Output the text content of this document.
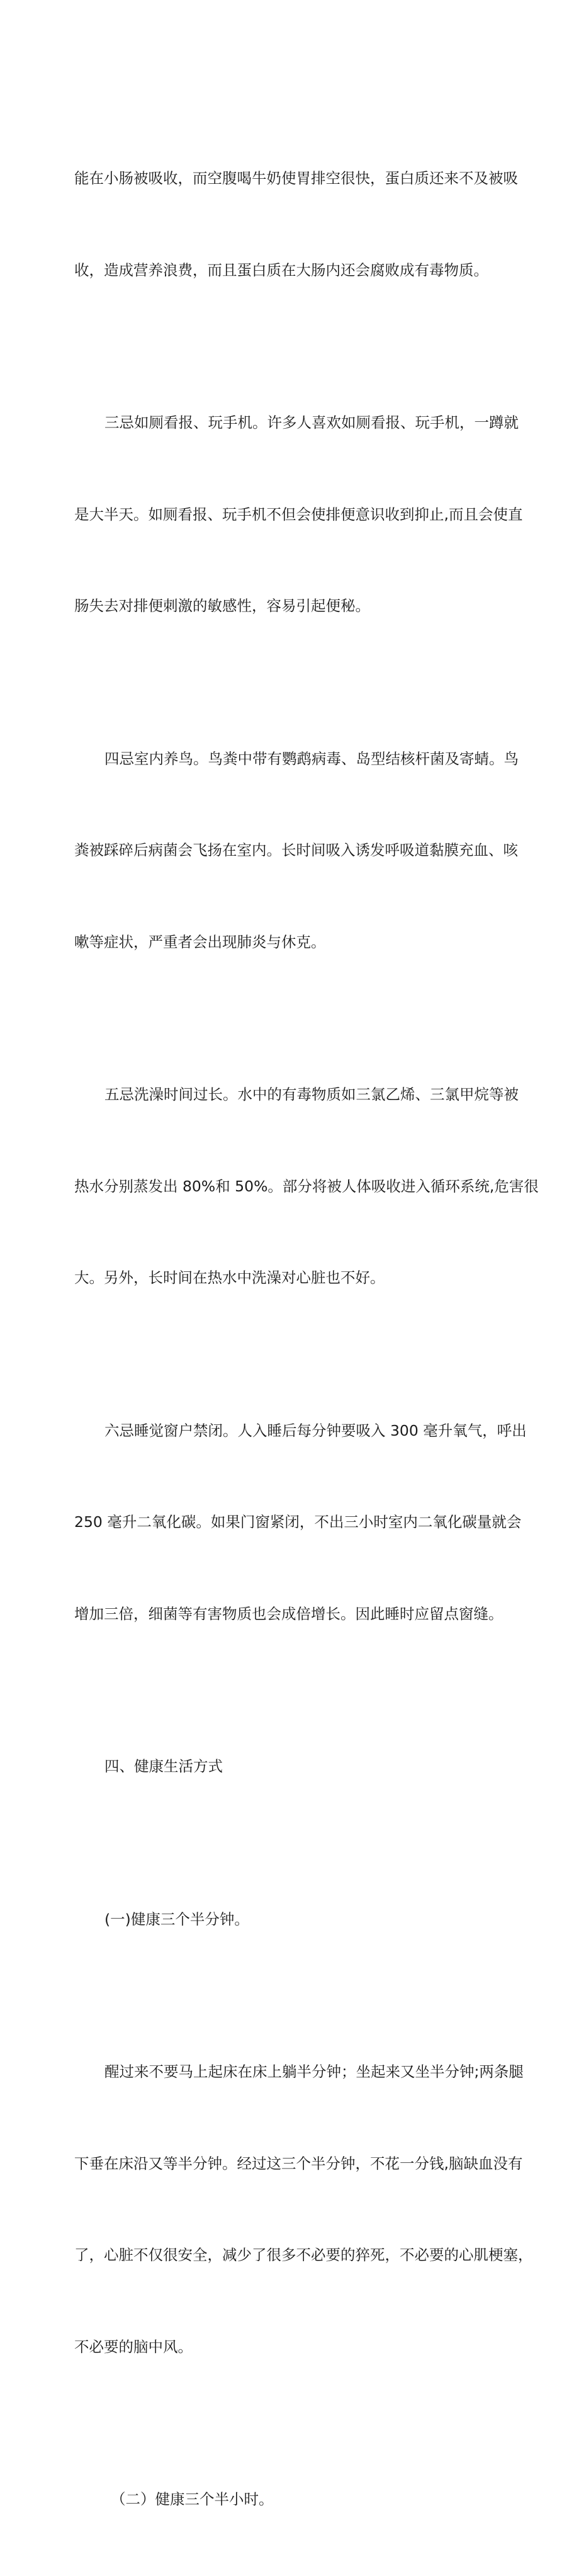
能在小肠被吸收，而空腹喝牛奶使胃排空很快，蛋白质还来不及被吸

收，造成营养浪费，而且蛋白质在大肠内还会腐败成有毒物质。

三忌如厕看报、玩手机。许多人喜欢如厕看报、玩手机，一蹲就

是大半天。如厕看报、玩手机不但会使排便意识收到抑止,而且会使直

肠失去对排便刺激的敏感性，容易引起便秘。

四忌室内养鸟。鸟粪中带有鹦鹉病毒、岛型结核杆菌及寄蜻。鸟

粪被踩碎后病菌会飞扬在室内。长时间吸入诱发呼吸道黏膜充血、咳

嗽等症状，严重者会出现肺炎与休克。

五忌洗澡时间过长。水中的有毒物质如三氯乙烯、三氯甲烷等被

热水分别蒸发出 80%和 50%。部分将被人体吸收进入循环系统,危害很

大。另外，长时间在热水中洗澡对心脏也不好。

六忌睡觉窗户禁闭。人入睡后每分钟要吸入 300 毫升氧气，呼出

250 毫升二氧化碳。如果门窗紧闭，不出三小时室内二氧化碳量就会

增加三倍，细菌等有害物质也会成倍增长。因此睡时应留点窗缝。

四、健康生活方式

(一)健康三个半分钟。

醒过来不要马上起床在床上躺半分钟；坐起来又坐半分钟;两条腿

下垂在床沿又等半分钟。经过这三个半分钟，不花一分钱,脑缺血没有

了，心脏不仅很安全，减少了很多不必要的猝死，不必要的心肌梗塞，

不必要的脑中风。

（二）健康三个半小时。
